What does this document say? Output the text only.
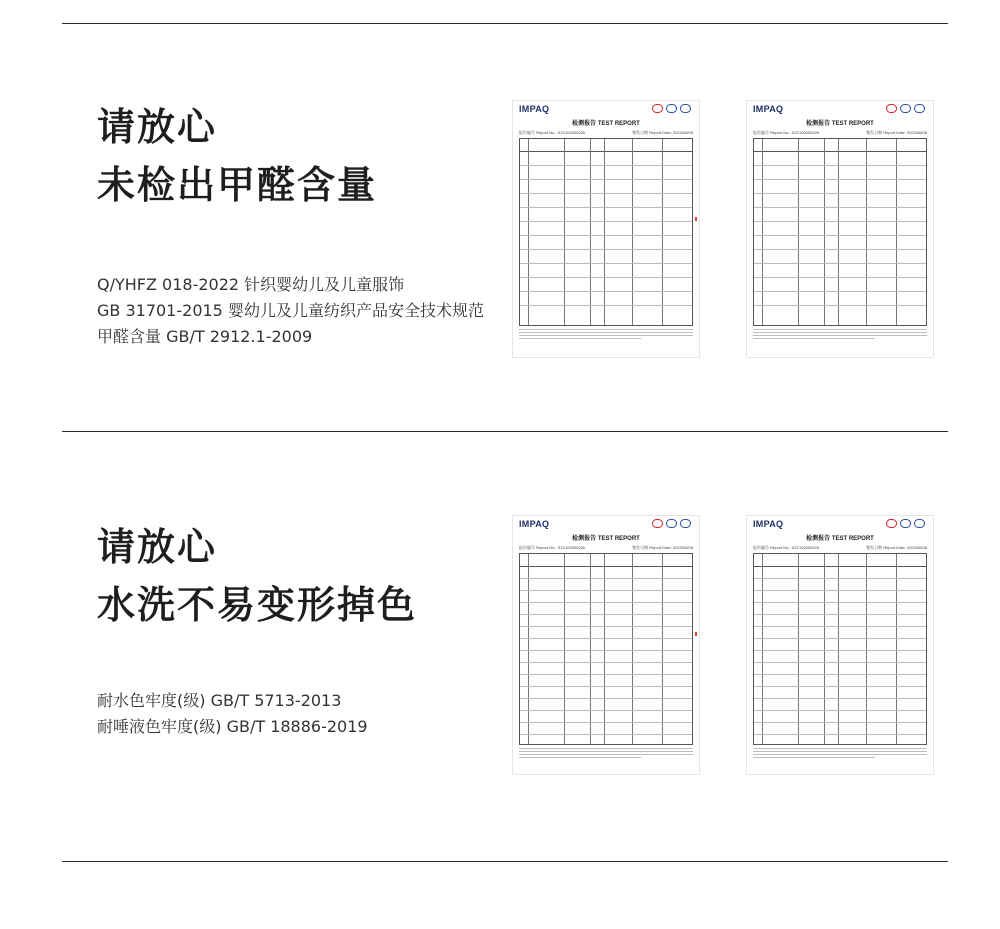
请放心
未检出甲醛含量
Q/YHFZ 018-2022 针织婴幼儿及儿童服饰
GB 31701-2015 婴幼儿及儿童纺织产品安全技术规范
甲醛含量 GB/T 2912.1-2009
IMPAQ
检测报告 TEST REPORT
报告编号 Report No.: SZ2100000026	签发日期 Report Date: 2023/06/08
IMPAQ
检测报告 TEST REPORT
报告编号 Report No.: SZ2100000026	签发日期 Report Date: 2023/06/08
请放心
水洗不易变形掉色
耐水色牢度(级) GB/T 5713-2013
耐唾液色牢度(级) GB/T 18886-2019
IMPAQ
检测报告 TEST REPORT
报告编号 Report No.: SZ2100000026	签发日期 Report Date: 2023/06/08
IMPAQ
检测报告 TEST REPORT
报告编号 Report No.: SZ2100000026	签发日期 Report Date: 2023/06/08
